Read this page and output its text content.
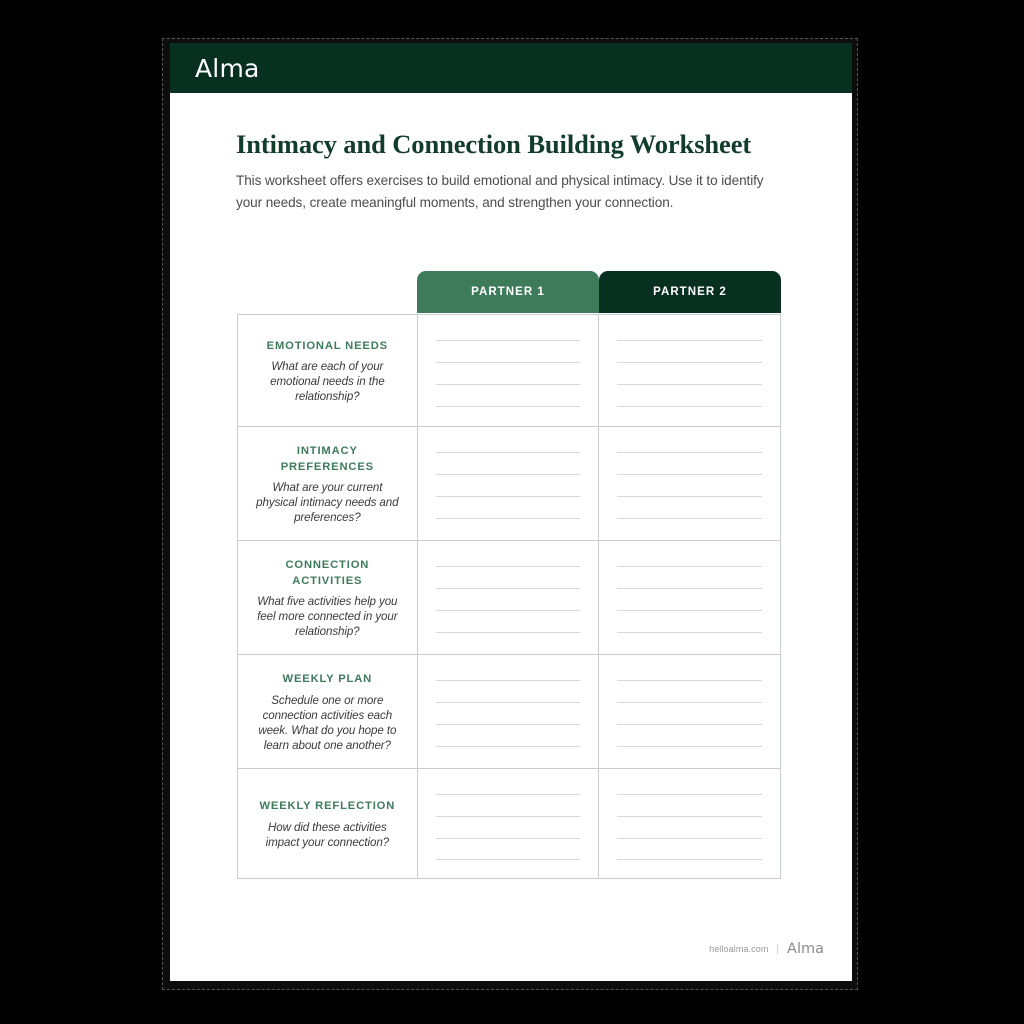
Alma
Intimacy and Connection Building Worksheet
This worksheet offers exercises to build emotional and physical intimacy. Use it to identify your needs, create meaningful moments, and strengthen your connection.
PARTNER 1	PARTNER 2
EMOTIONAL NEEDS
What are each of your emotional needs in the relationship?
INTIMACY PREFERENCES
What are your current physical intimacy needs and preferences?
CONNECTION ACTIVITIES
What five activities help you feel more connected in your relationship?
WEEKLY PLAN
Schedule one or more connection activities each week. What do you hope to learn about one another?
WEEKLY REFLECTION
How did these activities impact your connection?
helloalma.com | Alma
